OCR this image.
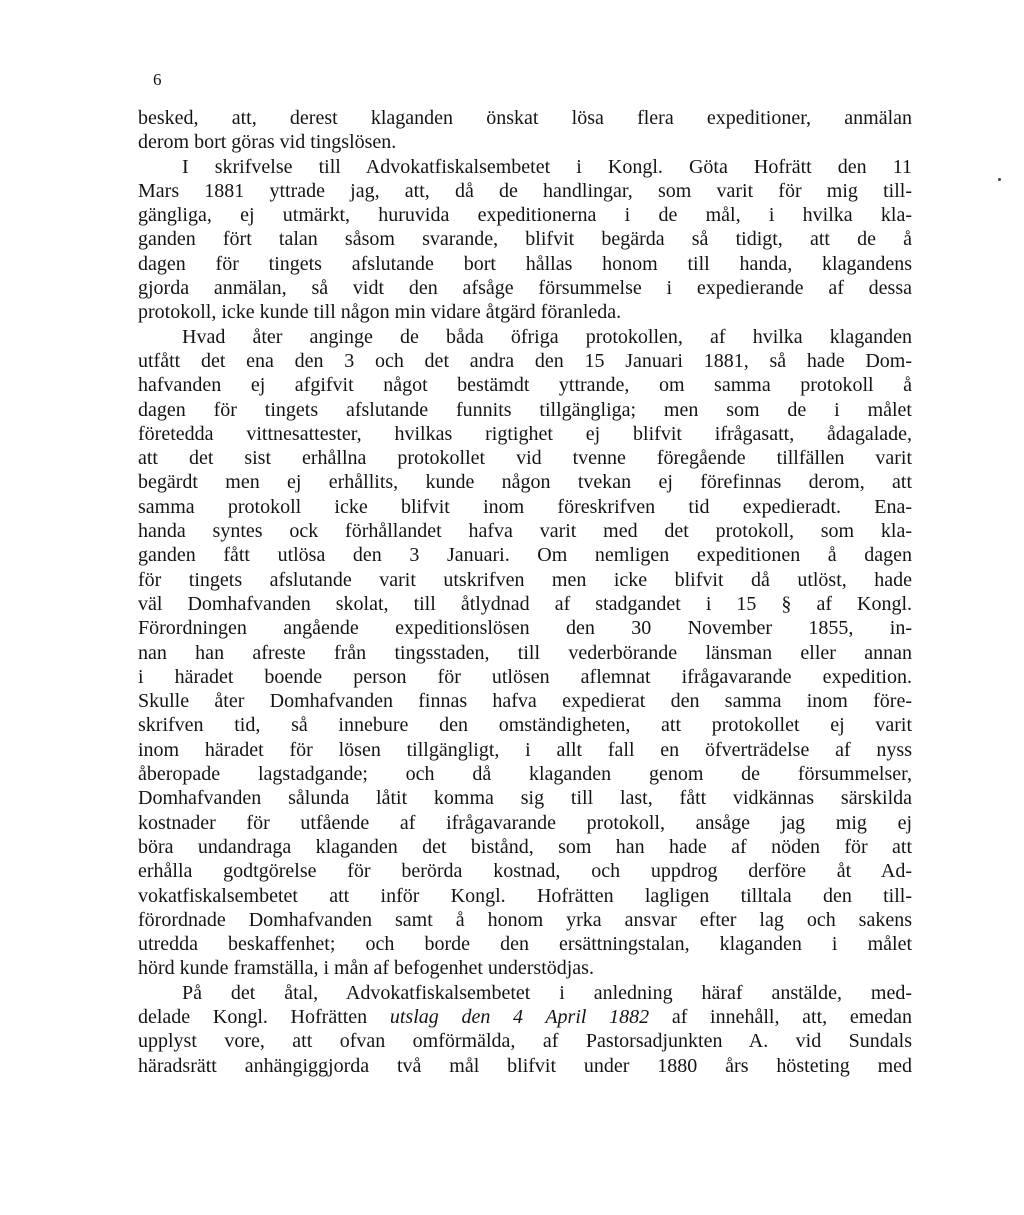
6
besked, att, derest klaganden önskat lösa flera expeditioner, anmälan
derom bort göras vid tingslösen.
I skrifvelse till Advokatfiskalsembetet i Kongl. Göta Hofrätt den 11
Mars 1881 yttrade jag, att, då de handlingar, som varit för mig till-
gängliga, ej utmärkt, huruvida expeditionerna i de mål, i hvilka kla-
ganden fört talan såsom svarande, blifvit begärda så tidigt, att de å
dagen för tingets afslutande bort hållas honom till handa, klagandens
gjorda anmälan, så vidt den afsåge försummelse i expedierande af dessa
protokoll, icke kunde till någon min vidare åtgärd föranleda.
Hvad åter anginge de båda öfriga protokollen, af hvilka klaganden
utfått det ena den 3 och det andra den 15 Januari 1881, så hade Dom-
hafvanden ej afgifvit något bestämdt yttrande, om samma protokoll å
dagen för tingets afslutande funnits tillgängliga; men som de i målet
företedda vittnesattester, hvilkas rigtighet ej blifvit ifrågasatt, ådagalade,
att det sist erhållna protokollet vid tvenne föregående tillfällen varit
begärdt men ej erhållits, kunde någon tvekan ej förefinnas derom, att
samma protokoll icke blifvit inom föreskrifven tid expedieradt. Ena-
handa syntes ock förhållandet hafva varit med det protokoll, som kla-
ganden fått utlösa den 3 Januari. Om nemligen expeditionen å dagen
för tingets afslutande varit utskrifven men icke blifvit då utlöst, hade
väl Domhafvanden skolat, till åtlydnad af stadgandet i 15 § af Kongl.
Förordningen angående expeditionslösen den 30 November 1855, in-
nan han afreste från tingsstaden, till vederbörande länsman eller annan
i häradet boende person för utlösen aflemnat ifrågavarande expedition.
Skulle åter Domhafvanden finnas hafva expedierat den samma inom före-
skrifven tid, så innebure den omständigheten, att protokollet ej varit
inom häradet för lösen tillgängligt, i allt fall en öfverträdelse af nyss
åberopade lagstadgande; och då klaganden genom de försummelser,
Domhafvanden sålunda låtit komma sig till last, fått vidkännas särskilda
kostnader för utfående af ifrågavarande protokoll, ansåge jag mig ej
böra undandraga klaganden det bistånd, som han hade af nöden för att
erhålla godtgörelse för berörda kostnad, och uppdrog derföre åt Ad-
vokatfiskalsembetet att inför Kongl. Hofrätten lagligen tilltala den till-
förordnade Domhafvanden samt å honom yrka ansvar efter lag och sakens
utredda beskaffenhet; och borde den ersättningstalan, klaganden i målet
hörd kunde framställa, i mån af befogenhet understödjas.
På det åtal, Advokatfiskalsembetet i anledning häraf anstälde, med-
delade Kongl. Hofrätten utslag den 4 April 1882 af innehåll, att, emedan
upplyst vore, att ofvan omförmälda, af Pastorsadjunkten A. vid Sundals
häradsrätt anhängiggjorda två mål blifvit under 1880 års hösteting med
